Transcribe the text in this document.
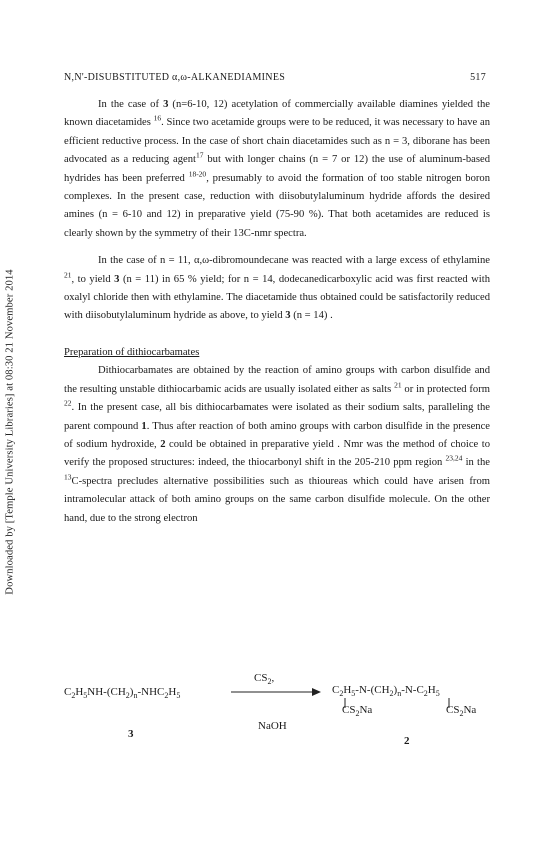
Downloaded by [Temple University Libraries] at 08:30 21 November 2014
N,N'-DISUBSTITUTED α,ω-ALKANEDIAMINES	517

In the case of 3 (n=6-10, 12) acetylation of commercially available diamines yielded the known diacetamides $^{16}$. Since two acetamide groups were to be reduced, it was necessary to have an efficient reductive process. In the case of short chain diacetamides such as n = 3, diborane has been advocated as a reducing agent$^{17}$ but with longer chains (n = 7 or 12) the use of aluminum-based hydrides has been preferred $^{18-20}$, presumably to avoid the formation of too stable nitrogen boron complexes. In the present case, reduction with diisobutylaluminum hydride affords the desired amines (n = 6-10 and 12) in preparative yield (75-90 %). That both acetamides are reduced is clearly shown by the symmetry of their 13C-nmr spectra.

In the case of n = 11, α,ω-dibromoundecane was reacted with a large excess of ethylamine $^{21}$, to yield 3 (n = 11) in 65 % yield; for n = 14, dodecanedicarboxylic acid was first reacted with oxalyl chloride then with ethylamine. The diacetamide thus obtained could be satisfactorily reduced with diisobutylaluminum hydride as above, to yield 3 (n = 14) .

Preparation of dithiocarbamates

Dithiocarbamates are obtained by the reaction of amino groups with carbon disulfide and the resulting unstable dithiocarbamic acids are usually isolated either as salts $^{21}$ or in protected form $^{22}$. In the present case, all bis dithiocarbamates were isolated as their sodium salts, paralleling the parent compound 1. Thus after reaction of both amino groups with carbon disulfide in the presence of sodium hydroxide, 2 could be obtained in preparative yield . Nmr was the method of choice to verify the proposed structures: indeed, the thiocarbonyl shift in the 205-210 ppm region $^{23,24}$ in the $^{13}$C-spectra precludes alternative possibilities such as thioureas which could have arisen from intramolecular attack of both amino groups on the same carbon disulfide molecule. On the other hand, due to the strong electron

$C_2H_5NH-(CH_2)_n-NHC_2H_5$
$CS_2$,
NaOH
$C_2H_5-N-(CH_2)_n-N-C_2H_5$
$CS_2Na$	$CS_2Na$
3
2
